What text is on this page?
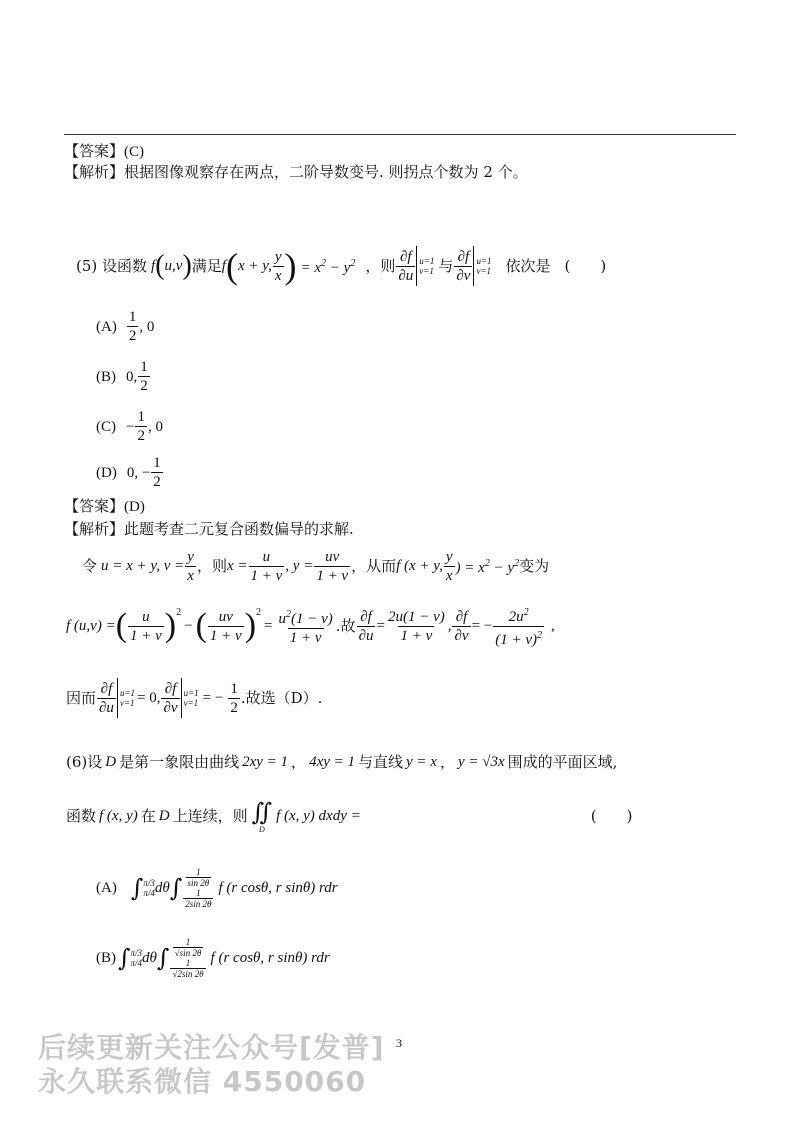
【答案】(C)
【解析】根据图像观察存在两点，二阶导数变号. 则拐点个数为 2 个。
(5) 设函数 f ( u,v ) 满足 f ( x + y, $\frac{y}{x}$ ) = $x^2 - y^2$ ，则 $\frac{\partial f}{\partial u} u=1$
v=1 与 $\frac{\partial f}{\partial v} u=1$
v=1 依次是 (　　)
$(A) \frac{1}{2}$ , 0
(B) 0, $\frac{1}{2}$
$(C) - \frac{1}{2}$ , 0
(D) 0, − $\frac{1}{2}$
【答案】(D)
【解析】此题考查二元复合函数偏导的求解.
令 u = x + y, $v = \frac{y}{x}$ ，则 $x = \frac{u}{1 + v}$ , $y = \frac{uv}{1 + v}$ ，从而 f (x + y, $\frac{y}{x}$ ) = $x^2 - y^2$ 变为
f (u,v) = ( $\frac{u}{1 + v} )^2$
− ( $\frac{uv}{1 + v} )^2$
= $\frac{u^2(1 - v)}{1 + v}$ .故 $\frac{\partial f}{\partial u} = \frac{2u(1 - v)}{1 + v}$ , $\frac{\partial f}{\partial v}$ = − $\frac{2u^2}{(1 + v)^2}$ ,
因而 $\frac{\partial f}{\partial u} u=1$
v=1 = 0, $\frac{\partial f}{\partial v} u=1$
v=1 = − $\frac{1}{2}$ .故选（D）.
(6)设 D 是第一象限由曲线 2xy = 1 ， 4xy = 1 与直线 y = x ， y = √3x 围成的平面区域,
函数 f (x, y) 在 D 上连续，则 ∬
D
f (x, y) dxdy =	(　　)
(A) ∫ π/3
π/4 dθ ∫ $\frac{1}{\sin 2\theta}$
$\frac{1}{2\sin 2\theta}$ f (r cosθ, r sinθ) rdr
(B) ∫ π/3
π/4 dθ ∫ $\frac{1}{√\sin 2\theta}$
$\frac{1}{√2\sin 2\theta}$ f (r cosθ, r sinθ) rdr
后续更新关注公众号[发普]
永久联系微信 4550060
3
